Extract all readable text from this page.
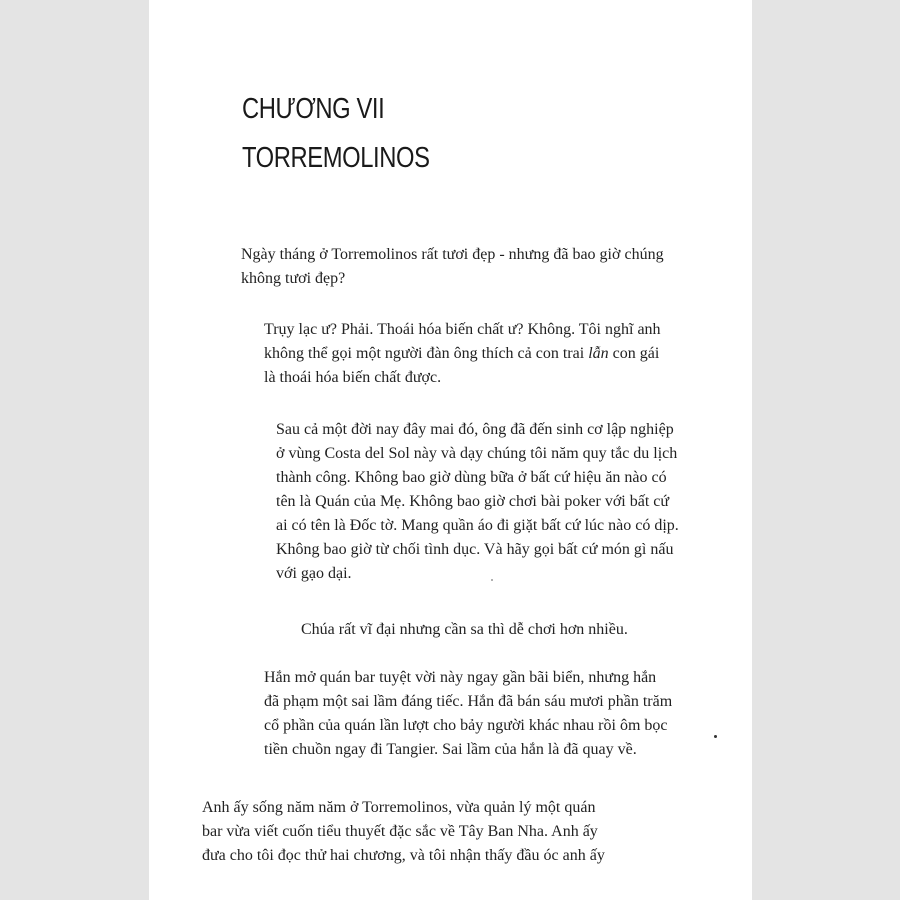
CHƯƠNG VII
TORREMOLINOS

Ngày tháng ở Torremolinos rất tươi đẹp - nhưng đã bao giờ chúng
không tươi đẹp?

Trụy lạc ư? Phải. Thoái hóa biến chất ư? Không. Tôi nghĩ anh
không thể gọi một người đàn ông thích cả con trai lẫn con gái
là thoái hóa biến chất được.

Sau cả một đời nay đây mai đó, ông đã đến sinh cơ lập nghiệp
ở vùng Costa del Sol này và dạy chúng tôi năm quy tắc du lịch
thành công. Không bao giờ dùng bữa ở bất cứ hiệu ăn nào có
tên là Quán của Mẹ. Không bao giờ chơi bài poker với bất cứ
ai có tên là Đốc tờ. Mang quần áo đi giặt bất cứ lúc nào có dịp.
Không bao giờ từ chối tình dục. Và hãy gọi bất cứ món gì nấu
với gạo dại.

Chúa rất vĩ đại nhưng cần sa thì dễ chơi hơn nhiều.

Hắn mở quán bar tuyệt vời này ngay gần bãi biển, nhưng hắn
đã phạm một sai lầm đáng tiếc. Hắn đã bán sáu mươi phần trăm
cổ phần của quán lần lượt cho bảy người khác nhau rồi ôm bọc
tiền chuồn ngay đi Tangier. Sai lầm của hắn là đã quay về.

Anh ấy sống năm năm ở Torremolinos, vừa quản lý một quán
bar vừa viết cuốn tiểu thuyết đặc sắc về Tây Ban Nha. Anh ấy
đưa cho tôi đọc thử hai chương, và tôi nhận thấy đầu óc anh ấy
